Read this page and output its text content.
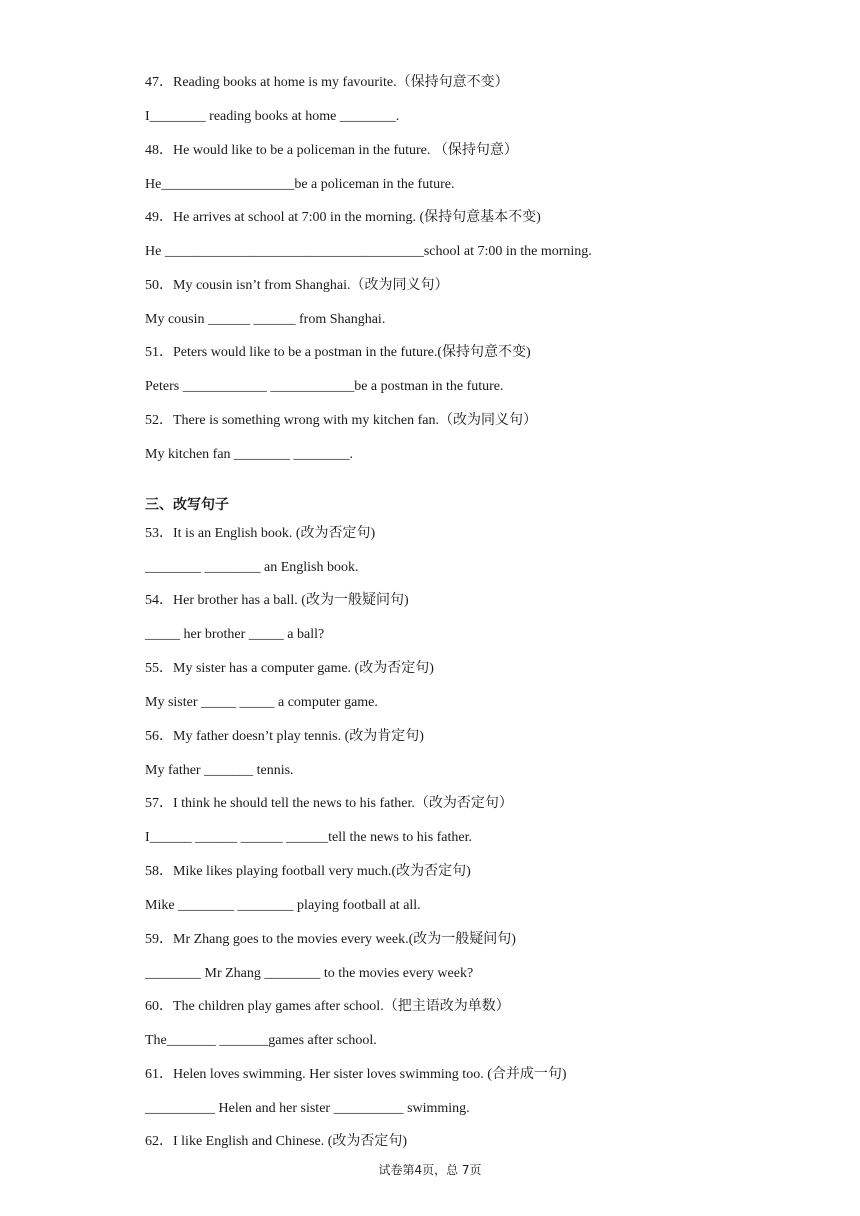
47．Reading books at home is my favourite.（保持句意不变）
I________ reading books at home ________.
48．He would like to be a policeman in the future. （保持句意）
He___________________be a policeman in the future.
49．He arrives at school at 7:00 in the morning. (保持句意基本不变)
He _____________________________________school at 7:00 in the morning.
50．My cousin isn’t from Shanghai.（改为同义句）
My cousin ______ ______ from Shanghai.
51．Peters would like to be a postman in the future.(保持句意不变)
Peters ____________ ____________be a postman in the future.
52．There is something wrong with my kitchen fan.（改为同义句）
My kitchen fan ________ ________.
三、改写句子
53．It is an English book. (改为否定句)
________ ________ an English book.
54．Her brother has a ball. (改为一般疑问句)
_____ her brother _____ a ball?
55．My sister has a computer game. (改为否定句)
My sister _____ _____ a computer game.
56．My father doesn’t play tennis. (改为肯定句)
My father _______ tennis.
57．I think he should tell the news to his father.（改为否定句）
I______ ______ ______ ______tell the news to his father.
58．Mike likes playing football very much.(改为否定句)
Mike ________ ________ playing football at all.
59．Mr Zhang goes to the movies every week.(改为一般疑问句)
________ Mr Zhang ________ to the movies every week?
60．The children play games after school.（把主语改为单数）
The_______ _______games after school.
61．Helen loves swimming. Her sister loves swimming too. (合并成一句)
__________ Helen and her sister __________ swimming.
62．I like English and Chinese. (改为否定句)
试卷第4页，总 7页
